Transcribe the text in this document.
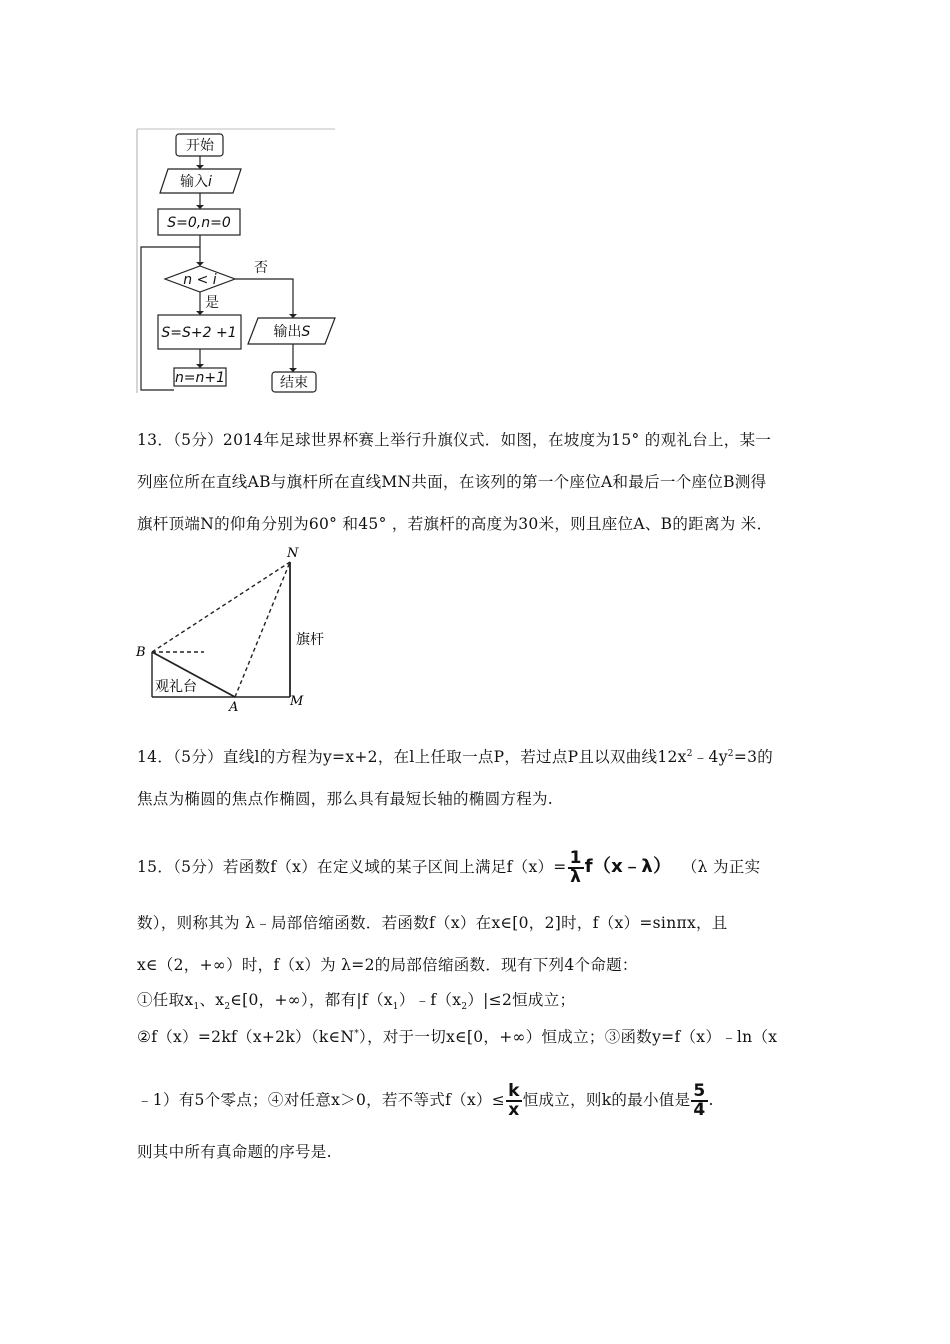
开始
输入i
S=0,n=0
n < i
否
是
S=S+2 +1	输出S
n=n+1	结束
13．（5分）2014年足球世界杯赛上举行升旗仪式．如图，在坡度为15° 的观礼台上，某一
列座位所在直线AB与旗杆所在直线MN共面，在该列的第一个座位A和最后一个座位B测得
旗杆顶端N的仰角分别为60° 和45° ，若旗杆的高度为30米，则且座位A、B的距离为 米．
N
B
A	M
旗杆
观礼台
14．（5分）直线l的方程为y=x+2，在l上任取一点P，若过点P且以双曲线$12x^2﹣4y^2=3$的
焦点为椭圆的焦点作椭圆，那么具有最短长轴的椭圆方程为.
15．（5分）若函数f（x）在定义域的某子区间上满足$f(x)= \frac{1}{\lambda}$ f（x﹣λ） （λ 为正实
数），则称其为 λ﹣局部倍缩函数．若函数f（x）在x∈[0，2]时，f（x）=sinπx，且
x∈（2，+∞）时，f（x）为 λ=2的局部倍缩函数．现有下列4个命题：
①任取$x_1$、$x_2\in[0$，+∞），都有$|f(x_1)﹣f(x_2)|\le 2$恒成立；
②f（x）=2kf（x+2k）（k∈N*），对于一切x∈[0，+∞）恒成立；③函数y=f（x）﹣ln（x
﹣1）有5个零点；④对任意x＞0，若不等式$f(x)\le \frac{k}{x}$ 恒成立，则k的最小值是 $\frac{5}{4}$ .
则其中所有真命题的序号是.
